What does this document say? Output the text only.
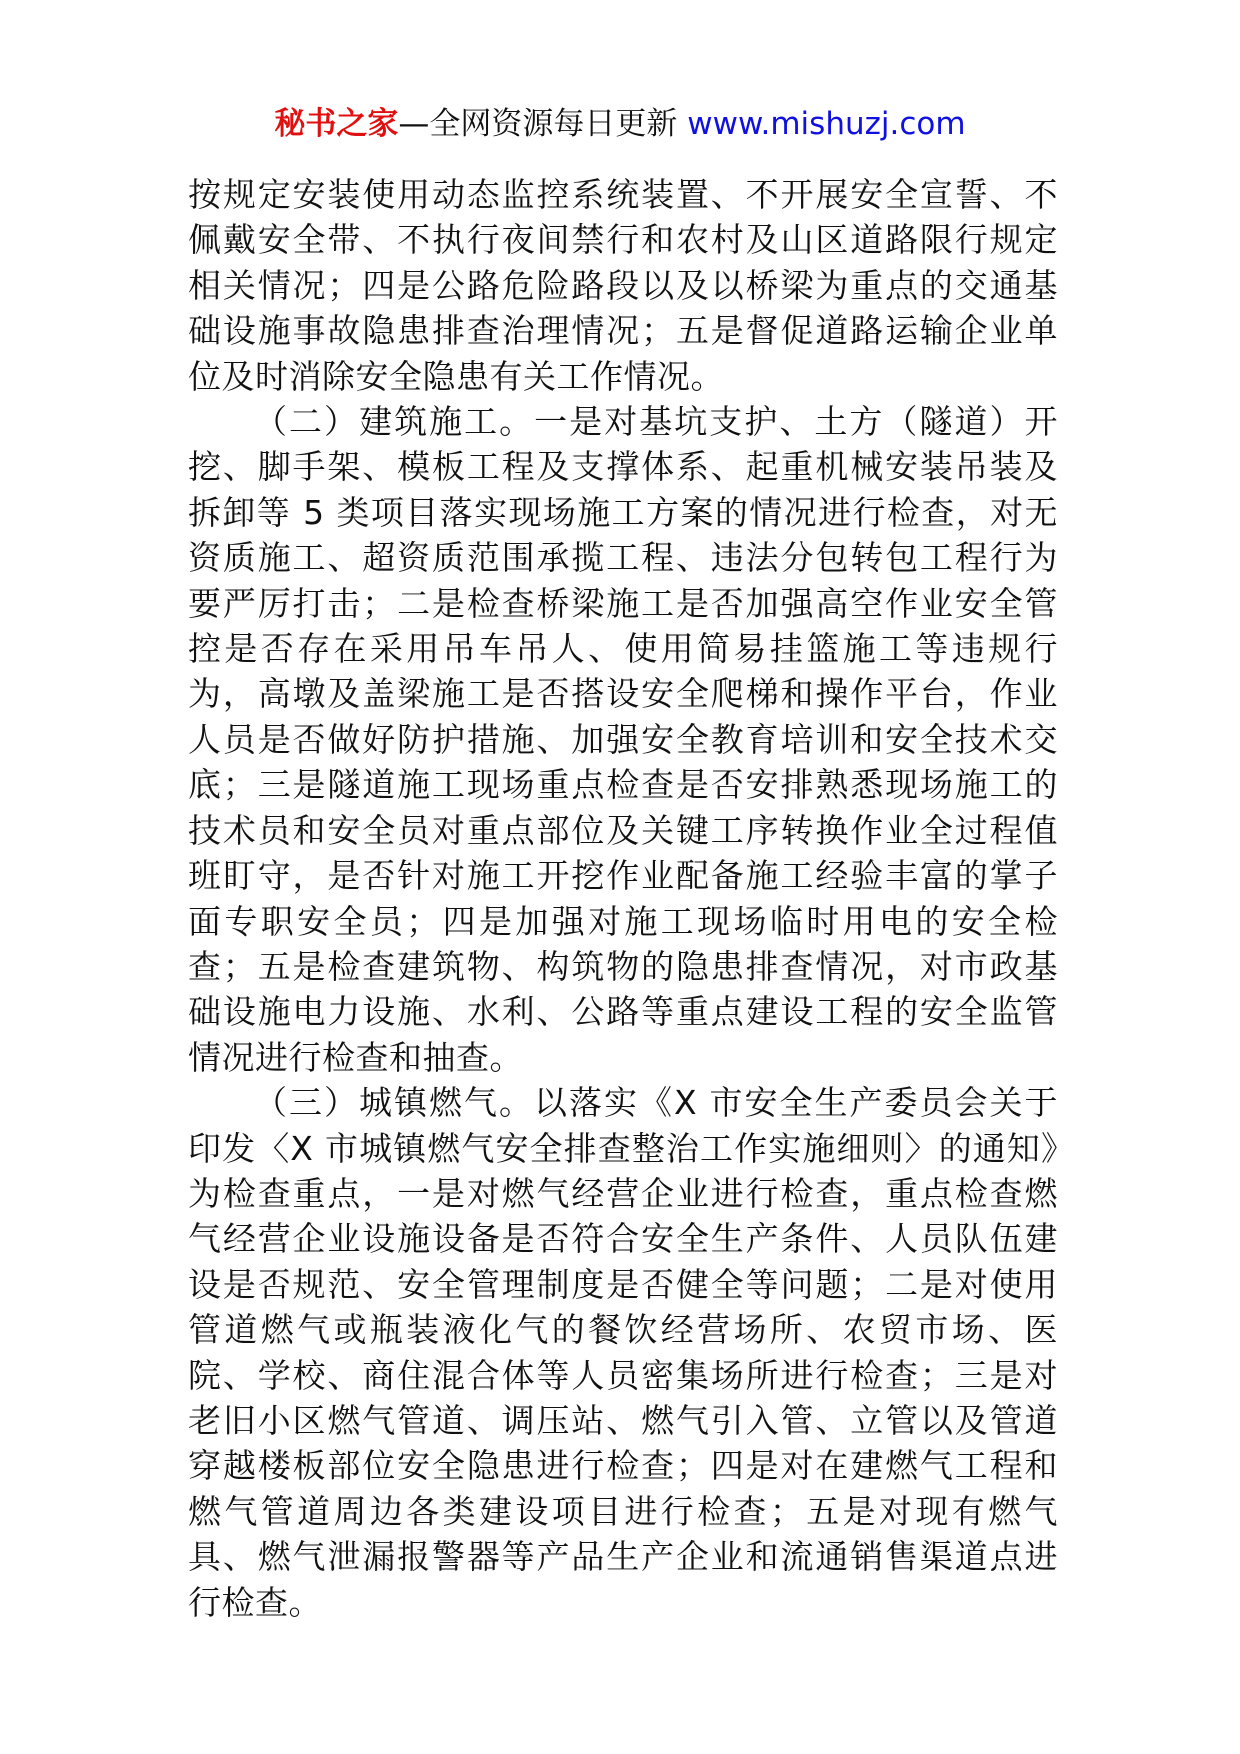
秘书之家—全网资源每日更新 www.mishuzj.com

按规定安装使用动态监控系统装置、不开展安全宣誓、不佩戴安全带、不执行夜间禁行和农村及山区道路限行规定相关情况；四是公路危险路段以及以桥梁为重点的交通基础设施事故隐患排查治理情况；五是督促道路运输企业单位及时消除安全隐患有关工作情况。

（二）建筑施工。一是对基坑支护、土方（隧道）开挖、脚手架、模板工程及支撑体系、起重机械安装吊装及拆卸等 5 类项目落实现场施工方案的情况进行检查，对无资质施工、超资质范围承揽工程、违法分包转包工程行为要严厉打击；二是检查桥梁施工是否加强高空作业安全管控是否存在采用吊车吊人、使用简易挂篮施工等违规行为，高墩及盖梁施工是否搭设安全爬梯和操作平台，作业人员是否做好防护措施、加强安全教育培训和安全技术交底；三是隧道施工现场重点检查是否安排熟悉现场施工的技术员和安全员对重点部位及关键工序转换作业全过程值班盯守，是否针对施工开挖作业配备施工经验丰富的掌子面专职安全员；四是加强对施工现场临时用电的安全检查；五是检查建筑物、构筑物的隐患排查情况，对市政基础设施电力设施、水利、公路等重点建设工程的安全监管情况进行检查和抽查。

（三）城镇燃气。以落实《X 市安全生产委员会关于印发〈X 市城镇燃气安全排查整治工作实施细则〉的通知》为检查重点，一是对燃气经营企业进行检查，重点检查燃气经营企业设施设备是否符合安全生产条件、人员队伍建设是否规范、安全管理制度是否健全等问题；二是对使用管道燃气或瓶装液化气的餐饮经营场所、农贸市场、医院、学校、商住混合体等人员密集场所进行检查；三是对老旧小区燃气管道、调压站、燃气引入管、立管以及管道穿越楼板部位安全隐患进行检查；四是对在建燃气工程和燃气管道周边各类建设项目进行检查；五是对现有燃气具、燃气泄漏报警器等产品生产企业和流通销售渠道点进行检查。
